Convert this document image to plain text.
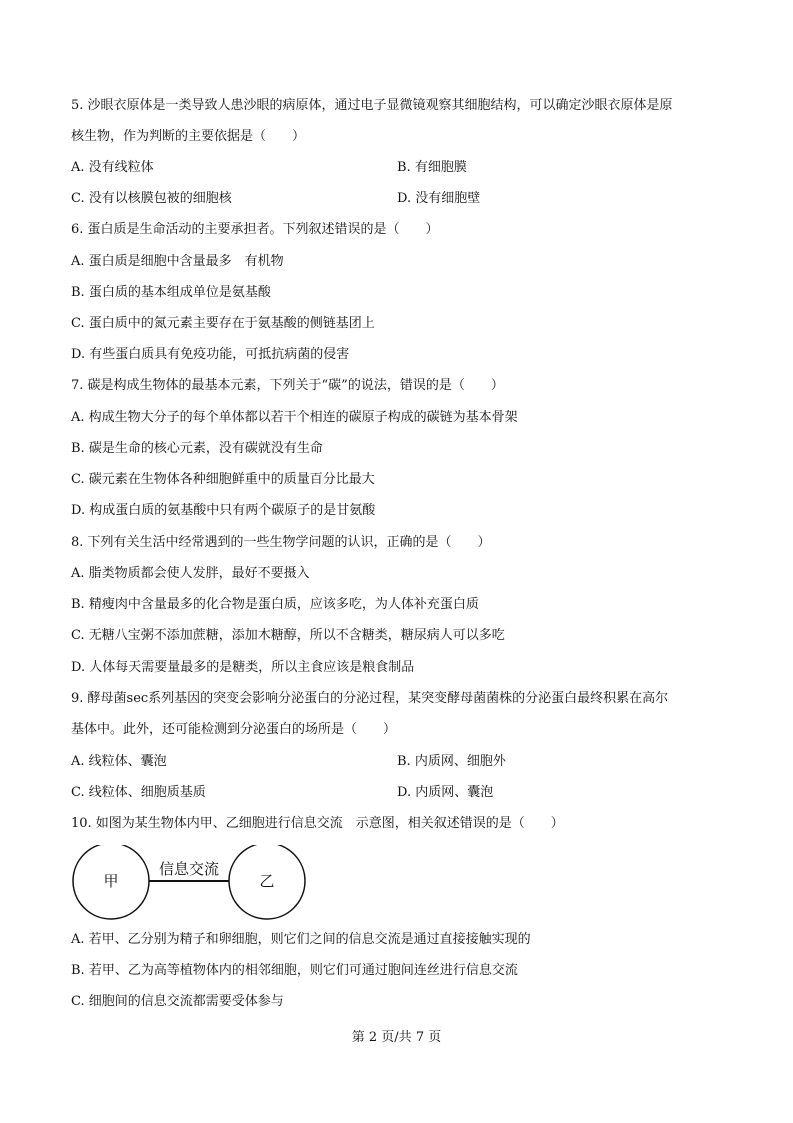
5. 沙眼衣原体是一类导致人患沙眼的病原体，通过电子显微镜观察其细胞结构，可以确定沙眼衣原体是原
核生物，作为判断的主要依据是（　　）
A. 没有线粒体	B. 有细胞膜
C. 没有以核膜包被的细胞核	D. 没有细胞壁
6. 蛋白质是生命活动的主要承担者。下列叙述错误的是（　　）
A. 蛋白质是细胞中含量最多　有机物
B. 蛋白质的基本组成单位是氨基酸
C. 蛋白质中的氮元素主要存在于氨基酸的侧链基团上
D. 有些蛋白质具有免疫功能，可抵抗病菌的侵害
7. 碳是构成生物体的最基本元素，下列关于“碳”的说法，错误的是（　　）
A. 构成生物大分子的每个单体都以若干个相连的碳原子构成的碳链为基本骨架
B. 碳是生命的核心元素，没有碳就没有生命
C. 碳元素在生物体各种细胞鲜重中的质量百分比最大
D. 构成蛋白质的氨基酸中只有两个碳原子的是甘氨酸
8. 下列有关生活中经常遇到的一些生物学问题的认识，正确的是（　　）
A. 脂类物质都会使人发胖，最好不要摄入
B. 精瘦肉中含量最多的化合物是蛋白质，应该多吃，为人体补充蛋白质
C. 无糖八宝粥不添加蔗糖，添加木糖醇，所以不含糖类，糖尿病人可以多吃
D. 人体每天需要量最多的是糖类，所以主食应该是粮食制品
9. 酵母菌sec系列基因的突变会影响分泌蛋白的分泌过程，某突变酵母菌菌株的分泌蛋白最终积累在高尔
基体中。此外，还可能检测到分泌蛋白的场所是（　　）
A. 线粒体、囊泡	B. 内质网、细胞外
C. 线粒体、细胞质基质	D. 内质网、囊泡
10. 如图为某生物体内甲、乙细胞进行信息交流　示意图，相关叙述错误的是（　　）
甲	乙
信息交流
A. 若甲、乙分别为精子和卵细胞，则它们之间的信息交流是通过直接接触实现的
B. 若甲、乙为高等植物体内的相邻细胞，则它们可通过胞间连丝进行信息交流
C. 细胞间的信息交流都需要受体参与
第 2 页/共 7 页
